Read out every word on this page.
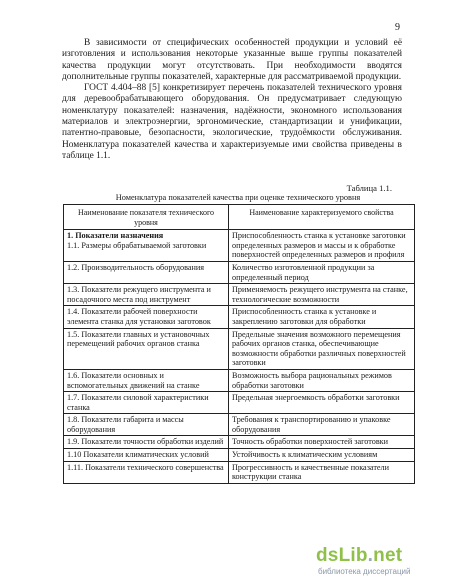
9

В зависимости от специфических особенностей продукции и условий её изготовления и использования некоторые указанные выше группы показателей качества продукции могут отсутствовать. При необходимости вводятся дополнительные группы показателей, характерные для рассматриваемой продукции.

ГОСТ 4.404–88 [5] конкретизирует перечень показателей технического уровня для деревообрабатывающего оборудования. Он предусматривает следующую номенклатуру показателей: назначения, надёжности, экономного использования материалов и электроэнергии, эргономические, стандартизации и унификации, патентно-правовые, безопасности, экологические, трудоёмкости обслуживания. Номенклатура показателей качества и характеризуемые ими свойства приведены в таблице 1.1.

Таблица 1.1.
Номенклатура показателей качества при оценке технического уровня
Наименование показателя технического уровня	Наименование характеризуемого свойства

1. Показатели назначения
1.1. Размеры обрабатываемой заготовки	Приспособленность станка к установке заготовки определенных размеров и массы и к обработке поверхностей определенных размеров и профиля
1.2. Производительность оборудования	Количество изготовленной продукции за определенный период
1.3. Показатели режущего инструмента и посадочного места под инструмент	Применяемость режущего инструмента на станке, технологические возможности
1.4. Показатели рабочей поверхности элемента станка для установки заготовок	Приспособленность станка к установке и закреплению заготовки для обработки
1.5. Показатели главных и установочных перемещений рабочих органов станка	Предельные значения возможного перемещения рабочих органов станка, обеспечивающие возможности обработки различных поверхностей заготовки
1.6. Показатели основных и вспомогательных движений на станке	Возможность выбора рациональных режимов обработки заготовки
1.7. Показатели силовой характеристики станка	Предельная энергоемкость обработки заготовки
1.8. Показатели габарита и массы оборудования	Требования к транспортированию и упаковке оборудования
1.9. Показатели точности обработки изделий	Точность обработки поверхностей заготовки
1.10 Показатели климатических условий	Устойчивость к климатическим условиям
1.11. Показатели технического совершенства	Прогрессивность и качественные показатели конструкции станка
dsLib.net
библиотека диссертаций
